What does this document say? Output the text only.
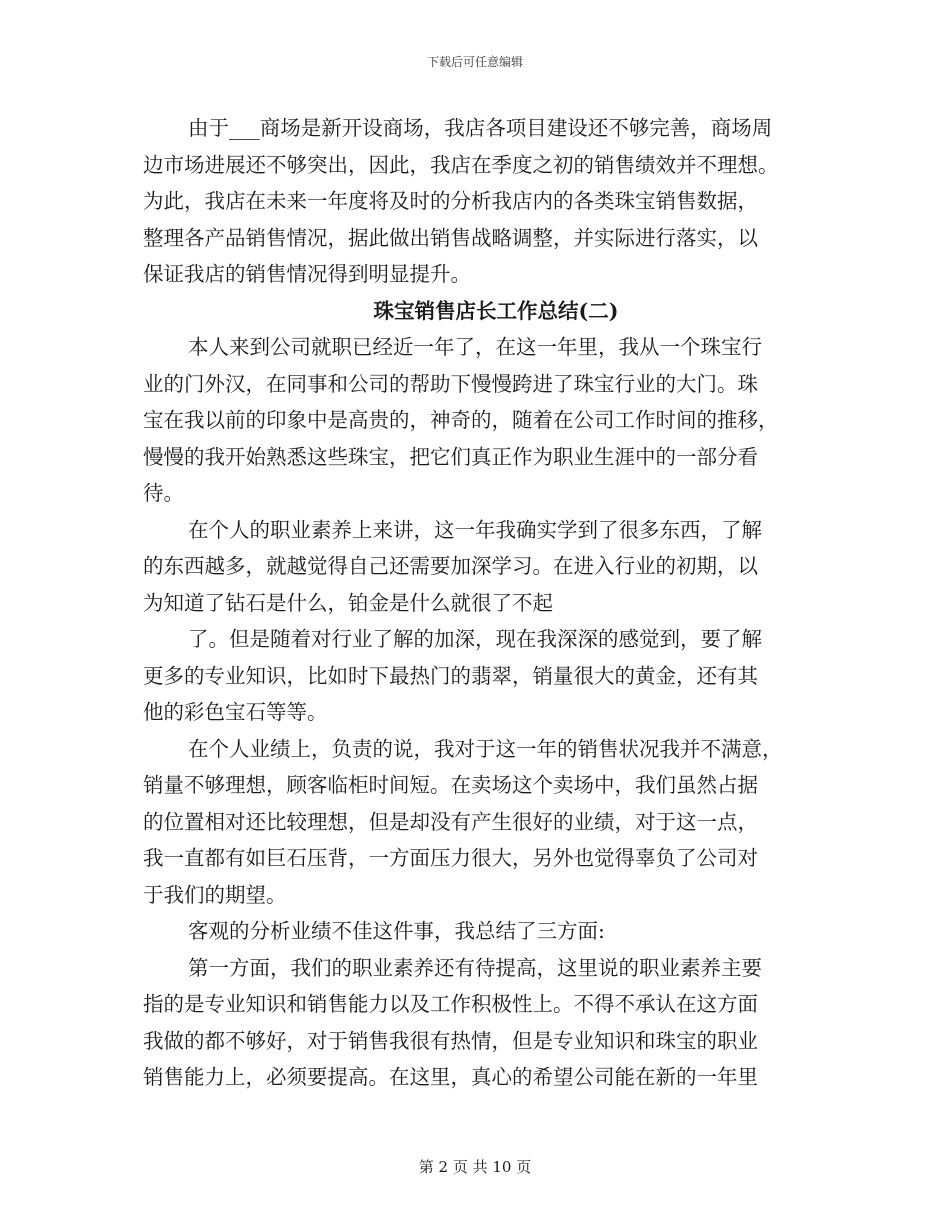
下载后可任意编辑
由于___商场是新开设商场，我店各项目建设还不够完善，商场周
边市场进展还不够突出，因此，我店在季度之初的销售绩效并不理想。
为此，我店在未来一年度将及时的分析我店内的各类珠宝销售数据，
整理各产品销售情况，据此做出销售战略调整，并实际进行落实，以
保证我店的销售情况得到明显提升。
珠宝销售店长工作总结(二)
本人来到公司就职已经近一年了，在这一年里，我从一个珠宝行
业的门外汉，在同事和公司的帮助下慢慢跨进了珠宝行业的大门。珠
宝在我以前的印象中是高贵的，神奇的，随着在公司工作时间的推移，
慢慢的我开始熟悉这些珠宝，把它们真正作为职业生涯中的一部分看
待。
在个人的职业素养上来讲，这一年我确实学到了很多东西，了解
的东西越多，就越觉得自己还需要加深学习。在进入行业的初期，以
为知道了钻石是什么，铂金是什么就很了不起
了。但是随着对行业了解的加深，现在我深深的感觉到，要了解
更多的专业知识，比如时下最热门的翡翠，销量很大的黄金，还有其
他的彩色宝石等等。
在个人业绩上，负责的说，我对于这一年的销售状况我并不满意，
销量不够理想，顾客临柜时间短。在卖场这个卖场中，我们虽然占据
的位置相对还比较理想，但是却没有产生很好的业绩，对于这一点，
我一直都有如巨石压背，一方面压力很大，另外也觉得辜负了公司对
于我们的期望。
客观的分析业绩不佳这件事，我总结了三方面:
第一方面，我们的职业素养还有待提高，这里说的职业素养主要
指的是专业知识和销售能力以及工作积极性上。不得不承认在这方面
我做的都不够好，对于销售我很有热情，但是专业知识和珠宝的职业
销售能力上，必须要提高。在这里，真心的希望公司能在新的一年里
第 2 页 共 10 页
